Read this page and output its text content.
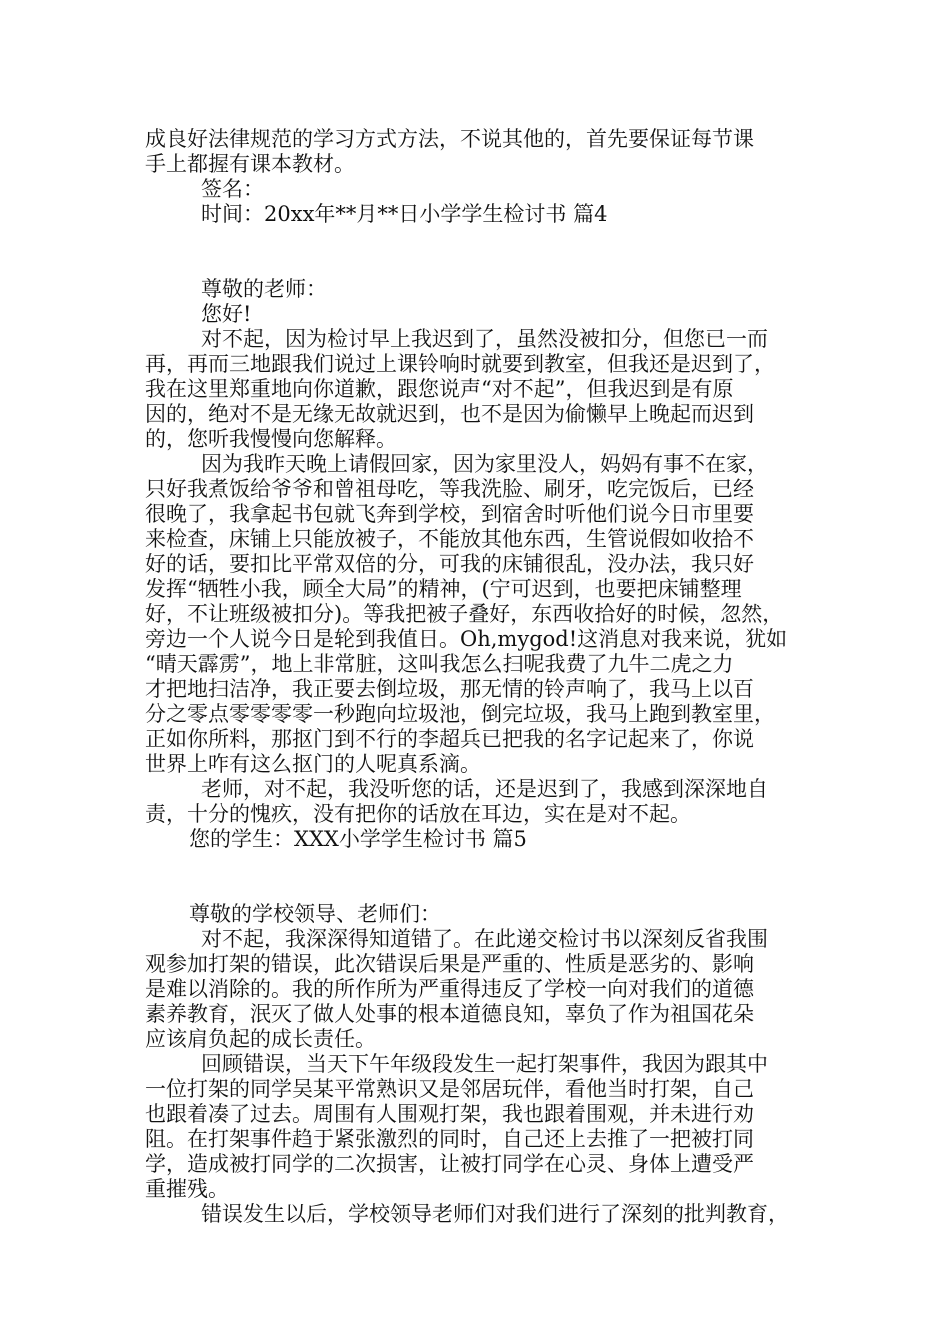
成良好法律规范的学习方式方法，不说其他的，首先要保证每节课
手上都握有课本教材。
签名：
时间：20xx年**月**日小学学生检讨书 篇4
尊敬的老师：
您好!
对不起，因为检讨早上我迟到了，虽然没被扣分，但您已一而
再，再而三地跟我们说过上课铃响时就要到教室，但我还是迟到了，
我在这里郑重地向你道歉，跟您说声“对不起”，但我迟到是有原
因的，绝对不是无缘无故就迟到，也不是因为偷懒早上晚起而迟到
的，您听我慢慢向您解释。
因为我昨天晚上请假回家，因为家里没人，妈妈有事不在家，
只好我煮饭给爷爷和曾祖母吃，等我洗脸、刷牙，吃完饭后，已经
很晚了，我拿起书包就飞奔到学校，到宿舍时听他们说今日市里要
来检查，床铺上只能放被子，不能放其他东西，生管说假如收拾不
好的话，要扣比平常双倍的分，可我的床铺很乱，没办法，我只好
发挥“牺牲小我，顾全大局”的精神，(宁可迟到，也要把床铺整理
好，不让班级被扣分)。等我把被子叠好，东西收拾好的时候，忽然，
旁边一个人说今日是轮到我值日。Oh,mygod!这消息对我来说，犹如
“晴天霹雳”，地上非常脏，这叫我怎么扫呢我费了九牛二虎之力
才把地扫洁净，我正要去倒垃圾，那无情的铃声响了，我马上以百
分之零点零零零零一秒跑向垃圾池，倒完垃圾，我马上跑到教室里，
正如你所料，那抠门到不行的李超兵已把我的名字记起来了，你说
世界上咋有这么抠门的人呢真系滴。
老师，对不起，我没听您的话，还是迟到了，我感到深深地自
责，十分的愧疚，没有把你的话放在耳边，实在是对不起。
您的学生：XXX小学学生检讨书 篇5
尊敬的学校领导、老师们：
对不起，我深深得知道错了。在此递交检讨书以深刻反省我围
观参加打架的错误，此次错误后果是严重的、性质是恶劣的、影响
是难以消除的。我的所作所为严重得违反了学校一向对我们的道德
素养教育，泯灭了做人处事的根本道德良知，辜负了作为祖国花朵
应该肩负起的成长责任。
回顾错误，当天下午年级段发生一起打架事件，我因为跟其中
一位打架的同学吴某平常熟识又是邻居玩伴，看他当时打架，自己
也跟着凑了过去。周围有人围观打架，我也跟着围观，并未进行劝
阻。在打架事件趋于紧张激烈的同时，自己还上去推了一把被打同
学，造成被打同学的二次损害，让被打同学在心灵、身体上遭受严
重摧残。
错误发生以后，学校领导老师们对我们进行了深刻的批判教育，
